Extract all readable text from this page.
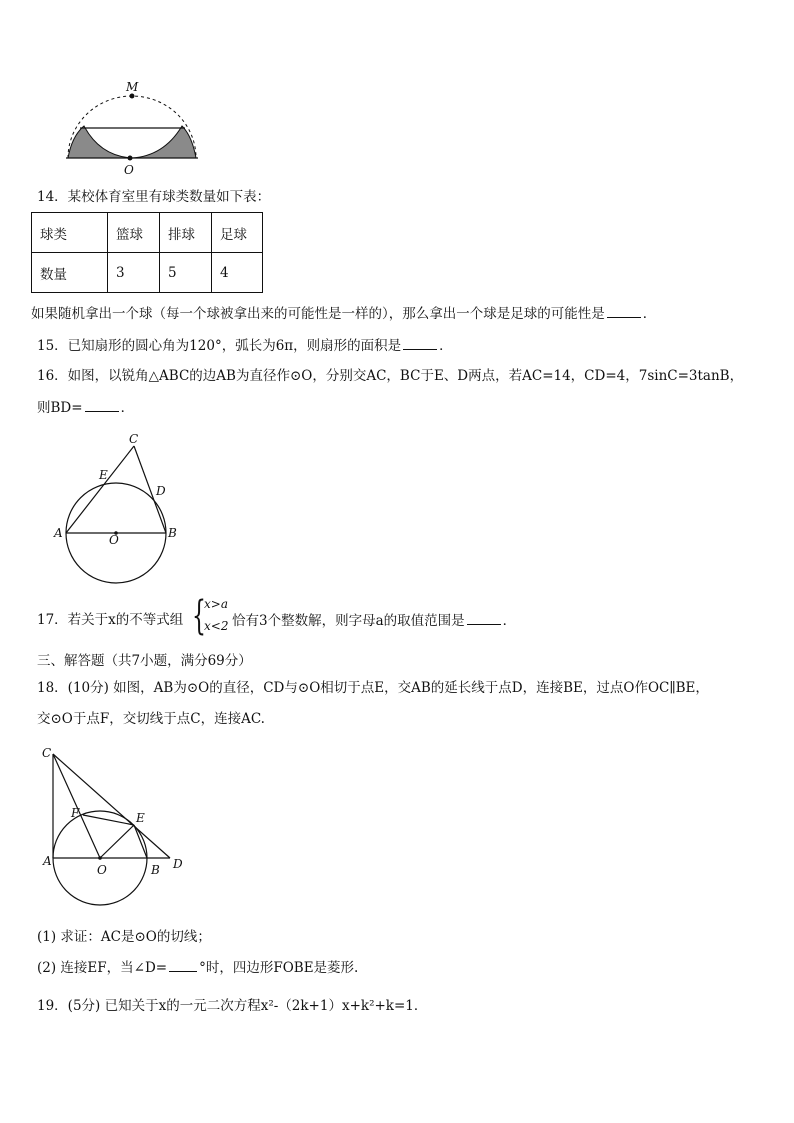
M
O
14．某校体育室里有球类数量如下表：
球类	篮球	排球	足球
数量	3	5	4
如果随机拿出一个球（每一个球被拿出来的可能性是一样的），那么拿出一个球是足球的可能性是	．
15．已知扇形的圆心角为120°，弧长为6π，则扇形的面积是	．
16．如图，以锐角△ABC的边AB为直径作⊙O，分别交AC，BC于E、D两点，若AC=14，CD=4，7sinC=3tanB，
则BD=	．
C
E
D
A	O	B
17．若关于x的不等式组 {
x>a
x<2 恰有3个整数解，则字母a的取值范围是	．
三、解答题（共7小题，满分69分）
18．(10分) 如图，AB为⊙O的直径，CD与⊙O相切于点E，交AB的延长线于点D，连接BE，过点O作OC∥BE，
交⊙O于点F，交切线于点C，连接AC.
C
F	E
A
O	B D
(1) 求证：AC是⊙O的切线；
(2) 连接EF，当∠D= °时，四边形FOBE是菱形.
19．(5分) 已知关于x的一元二次方程x²-（2k+1）x+k²+k=1．
